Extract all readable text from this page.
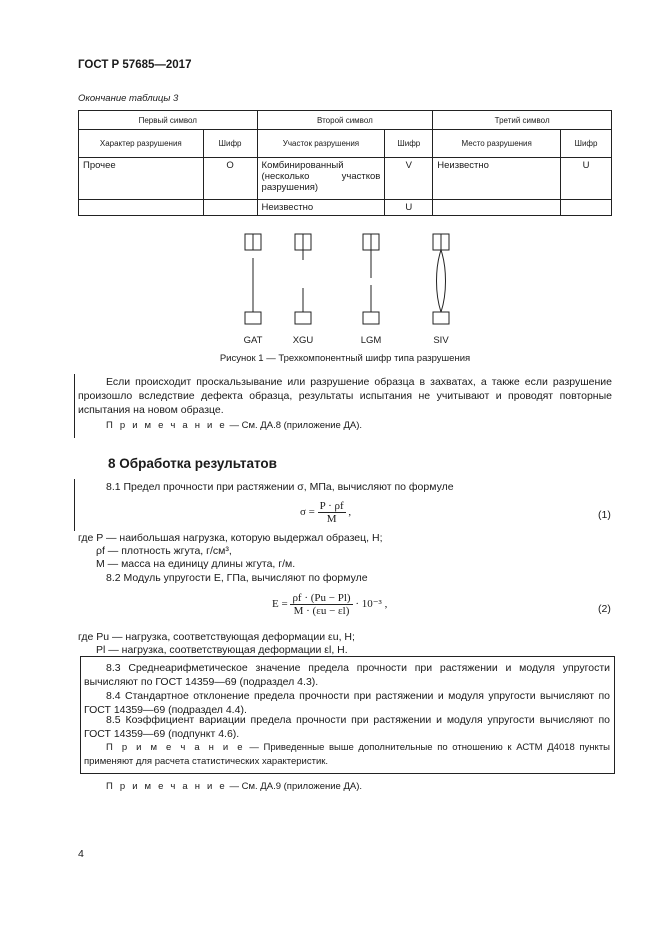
ГОСТ Р 57685—2017
Окончание таблицы 3
Первый символ		Второй символ		Третий символ	
Характер разрушения	Шифр	Участок разрушения	Шифр	Место разрушения	Шифр
Прочее	O	Комбинированный (несколько участков разрушения)	V	Неизвестно	U
		Неизвестно	U		
GAT	XGU	LGM	SIV
Рисунок 1 — Трехкомпонентный шифр типа разрушения
Если происходит проскальзывание или разрушение образца в захватах, а также если разрушение произошло вследствие дефекта образца, результаты испытания не учитывают и проводят повторные испытания на новом образце.
П р и м е ч а н и е — См. ДА.8 (приложение ДА).
8 Обработка результатов
8.1 Предел прочности при растяжении σ, МПа, вычисляют по формуле
$\sigma = \frac{P \cdot \rho f}{M}$ ,	(1)
где P — наибольшая нагрузка, которую выдержал образец, Н;
ρf — плотность жгута, г/см³,
M — масса на единицу длины жгута, г/м.
8.2 Модуль упругости E, ГПа, вычисляют по формуле
$E = \frac{\rho f \cdot (Pu - Pl)}{M \cdot (\varepsilon u - \varepsilon l)} \cdot 10^{-3}$ ,	(2)
где Pu — нагрузка, соответствующая деформации εu, Н;
Pl — нагрузка, соответствующая деформации εl, Н.
8.3 Среднеарифметическое значение предела прочности при растяжении и модуля упругости вычисляют по ГОСТ 14359—69 (подраздел 4.3).
8.4 Стандартное отклонение предела прочности при растяжении и модуля упругости вычисляют по ГОСТ 14359—69 (подраздел 4.4).
8.5 Коэффициент вариации предела прочности при растяжении и модуля упругости вычисляют по ГОСТ 14359—69 (подпункт 4.6).
П р и м е ч а н и е — Приведенные выше дополнительные по отношению к АСТМ Д4018 пункты применяют для расчета статистических характеристик.
П р и м е ч а н и е — См. ДА.9 (приложение ДА).
4
